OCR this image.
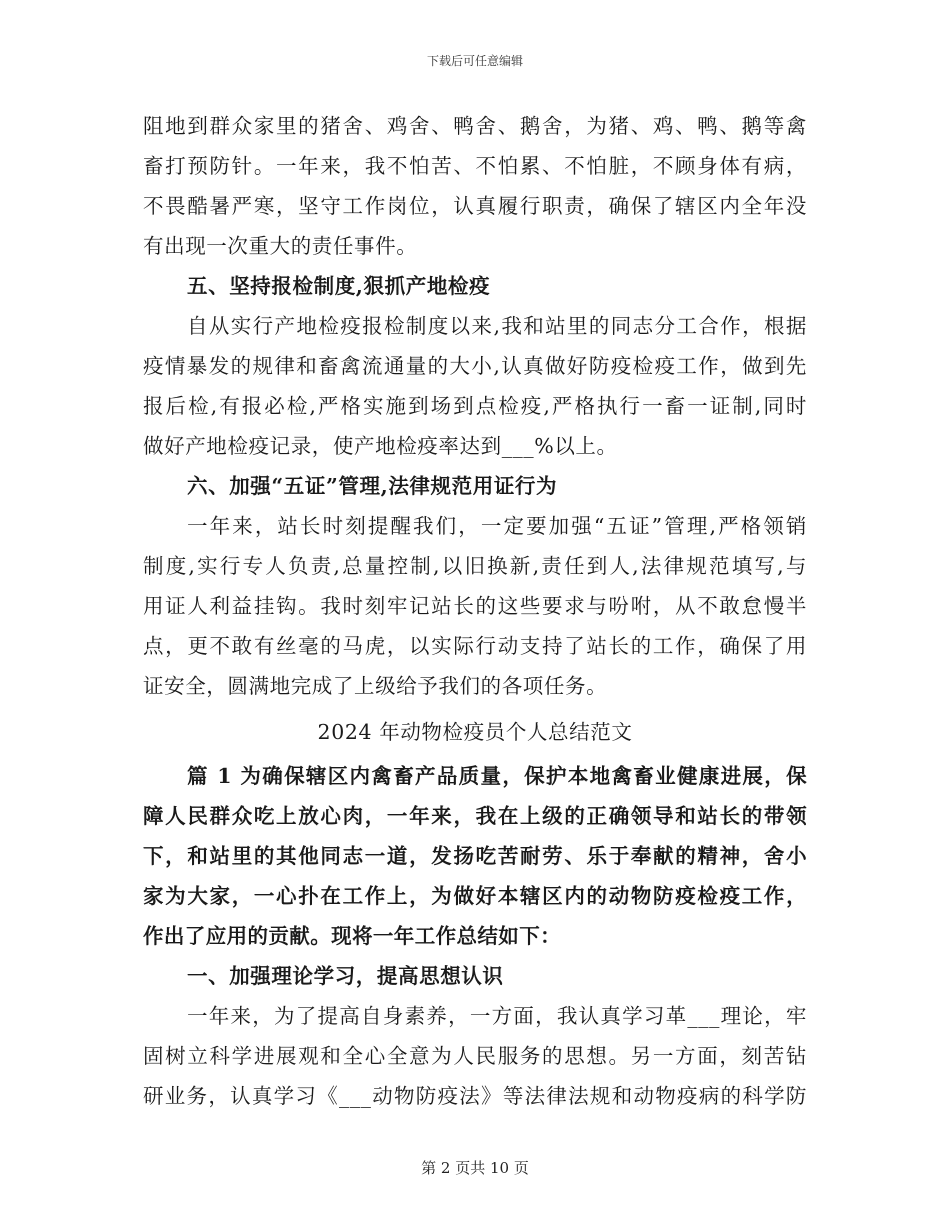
下载后可任意编辑
阻地到群众家里的猪舍、鸡舍、鸭舍、鹅舍，为猪、鸡、鸭、鹅等禽
畜打预防针。一年来，我不怕苦、不怕累、不怕脏，不顾身体有病，
不畏酷暑严寒，坚守工作岗位，认真履行职责，确保了辖区内全年没
有出现一次重大的责任事件。
五、坚持报检制度,狠抓产地检疫
自从实行产地检疫报检制度以来,我和站里的同志分工合作，根据
疫情暴发的规律和畜禽流通量的大小,认真做好防疫检疫工作，做到先
报后检,有报必检,严格实施到场到点检疫,严格执行一畜一证制,同时
做好产地检疫记录，使产地检疫率达到___%以上。
六、加强“五证”管理,法律规范用证行为
一年来，站长时刻提醒我们，一定要加强“五证”管理,严格领销
制度,实行专人负责,总量控制,以旧换新,责任到人,法律规范填写,与
用证人利益挂钩。我时刻牢记站长的这些要求与吩咐，从不敢怠慢半
点，更不敢有丝毫的马虎，以实际行动支持了站长的工作，确保了用
证安全，圆满地完成了上级给予我们的各项任务。
2024 年动物检疫员个人总结范文
篇 1 为确保辖区内禽畜产品质量，保护本地禽畜业健康进展，保
障人民群众吃上放心肉，一年来，我在上级的正确领导和站长的带领
下，和站里的其他同志一道，发扬吃苦耐劳、乐于奉献的精神，舍小
家为大家，一心扑在工作上，为做好本辖区内的动物防疫检疫工作，
作出了应用的贡献。现将一年工作总结如下：
一、加强理论学习，提高思想认识
一年来，为了提高自身素养，一方面，我认真学习革___理论，牢
固树立科学进展观和全心全意为人民服务的思想。另一方面，刻苦钻
研业务，认真学习《___动物防疫法》等法律法规和动物疫病的科学防
第 2 页共 10 页
